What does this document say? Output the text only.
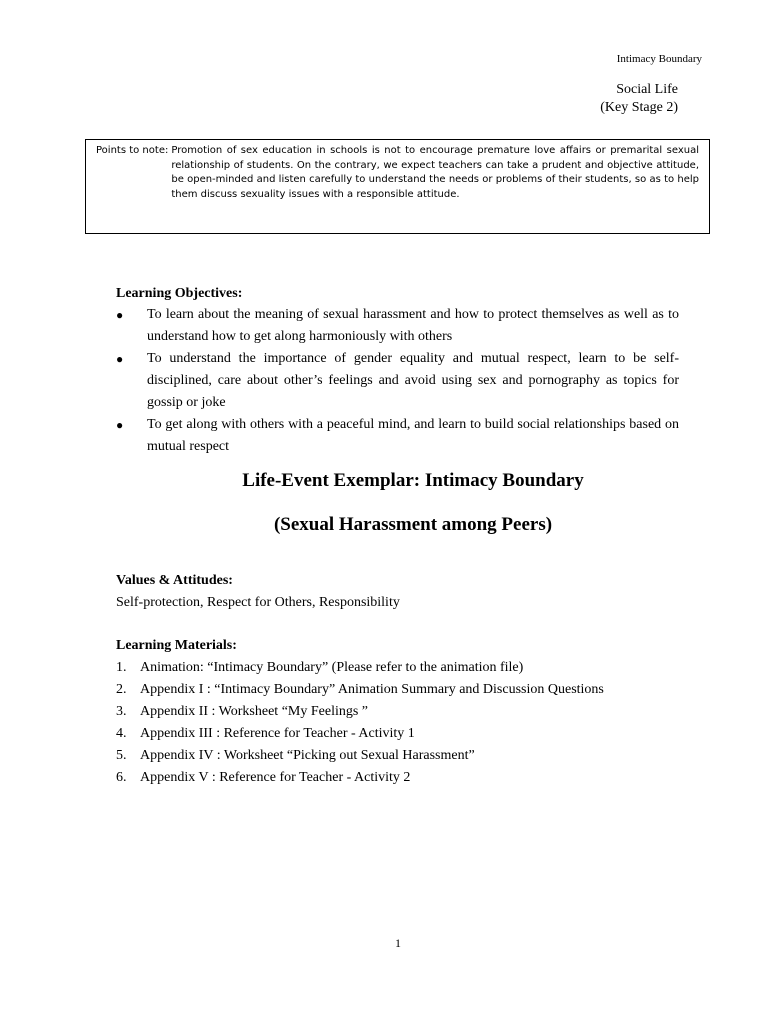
Intimacy Boundary
Social Life
(Key Stage 2)
Points to note: Promotion of sex education in schools is not to encourage premature love affairs or premarital sexual relationship of students. On the contrary, we expect teachers can take a prudent and objective attitude, be open-minded and listen carefully to understand the needs or problems of their students, so as to help them discuss sexuality issues with a responsible attitude.
Learning Objectives:
● To learn about the meaning of sexual harassment and how to protect themselves as well as to understand how to get along harmoniously with others
● To understand the importance of gender equality and mutual respect, learn to be self-disciplined, care about other’s feelings and avoid using sex and pornography as topics for gossip or joke
● To get along with others with a peaceful mind, and learn to build social relationships based on mutual respect
Life-Event Exemplar: Intimacy Boundary
(Sexual Harassment among Peers)
Values & Attitudes:
Self-protection, Respect for Others, Responsibility
Learning Materials:
1. Animation: “Intimacy Boundary” (Please refer to the animation file)
2. Appendix I : “Intimacy Boundary” Animation Summary and Discussion Questions
3. Appendix II : Worksheet “My Feelings ”
4. Appendix III : Reference for Teacher - Activity 1
5. Appendix IV : Worksheet “Picking out Sexual Harassment”
6. Appendix V : Reference for Teacher - Activity 2
1
